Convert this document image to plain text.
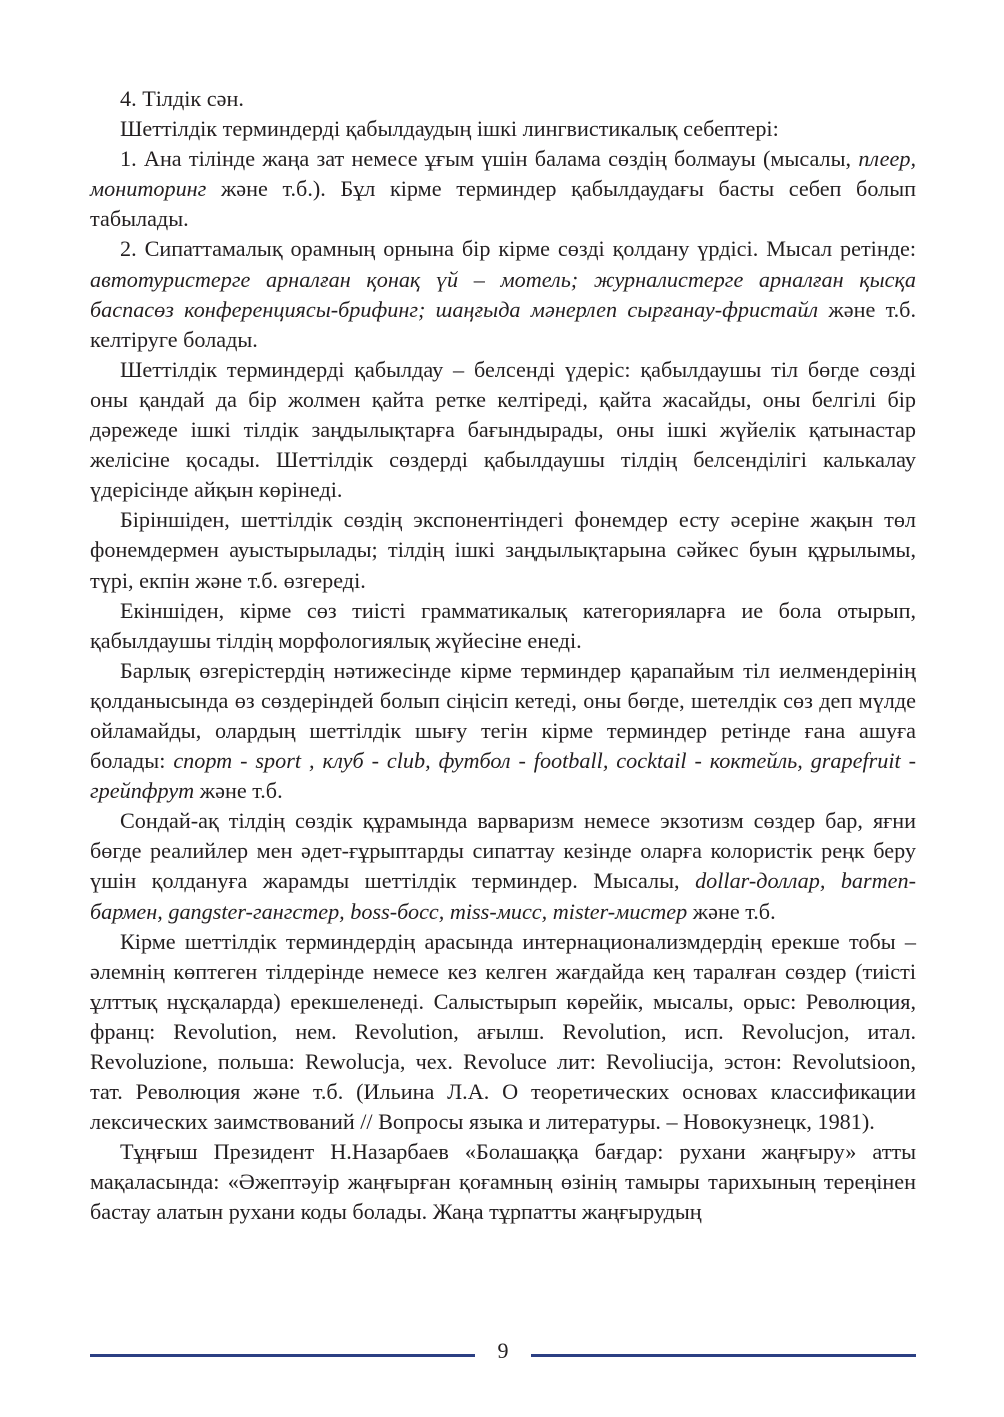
4. Тілдік сән.

Шеттілдік терминдерді қабылдаудың ішкі лингвистикалық себептері:

1. Ана тілінде жаңа зат немесе ұғым үшін балама сөздің болмауы (мысалы, плеер, мониторинг және т.б.). Бұл кірме терминдер қабылдаудағы басты себеп болып табылады.

2. Сипаттамалық орамның орнына бір кірме сөзді қолдану үрдісі. Мысал ретінде: автотуристерге арналған қонақ үй – мотель; журналистерге арналған қысқа баспасөз конференциясы-брифинг; шаңғыда мәнерлеп сырғанау-фристайл және т.б. келтіруге болады.

Шеттілдік терминдерді қабылдау – белсенді үдеріс: қабылдаушы тіл бөгде сөзді оны қандай да бір жолмен қайта ретке келтіреді, қайта жасайды, оны белгілі бір дәрежеде ішкі тілдік заңдылықтарға бағындырады, оны ішкі жүйелік қатынастар желісіне қосады. Шеттілдік сөздерді қабылдаушы тілдің белсенділігі калькалау үдерісінде айқын көрінеді.

Біріншіден, шеттілдік сөздің экспонентіндегі фонемдер есту әсеріне жақын төл фонемдермен ауыстырылады; тілдің ішкі заңдылықтарына сәйкес буын құрылымы, түрі, екпін және т.б. өзгереді.

Екіншіден, кірме сөз тиісті грамматикалық категорияларға ие бола отырып, қабылдаушы тілдің морфологиялық жүйесіне енеді.

Барлық өзгерістердің нәтижесінде кірме терминдер қарапайым тіл иелмендерінің қолданысында өз сөздеріндей болып сіңісіп кетеді, оны бөгде, шетелдік сөз деп мүлде ойламайды, олардың шеттілдік шығу тегін кірме терминдер ретінде ғана ашуға болады: спорт - sport , клуб - club, футбол - football, cocktail - коктейль, grapefruit - грейпфрут және т.б.

Сондай-ақ тілдің сөздік құрамында варваризм немесе экзотизм сөздер бар, яғни бөгде реалийлер мен әдет-ғұрыптарды сипаттау кезінде оларға колористік реңк беру үшін қолдануға жарамды шеттілдік терминдер. Мысалы, dollar-доллар, barmen-бармен, gangster-гангстер, boss-босс, miss-мисс, mister-мистер және т.б.

Кірме шеттілдік терминдердің арасында интернационализмдердің ерекше тобы – әлемнің көптеген тілдерінде немесе кез келген жағдайда кең таралған сөздер (тиісті ұлттық нұсқаларда) ерекшеленеді. Салыстырып көрейік, мысалы, орыс: Революция, франц: Revolution, нем. Revolution, ағылш. Revolution, исп. Revolucjon, итал. Revoluzione, польша: Rewolucja, чех. Revoluce лит: Revoliucija, эстон: Revolutsioon, тат. Революция және т.б. (Ильина Л.А. О теоретических основах классификации лексических заимствований // Вопросы языка и литературы. – Новокузнецк, 1981).

Тұңғыш Президент Н.Назарбаев «Болашаққа бағдар: рухани жаңғыру» атты мақаласында: «Әжептәуір жаңғырған қоғамның өзінің тамыры тарихының тереңінен бастау алатын рухани коды болады. Жаңа тұрпатты жаңғырудың

9
